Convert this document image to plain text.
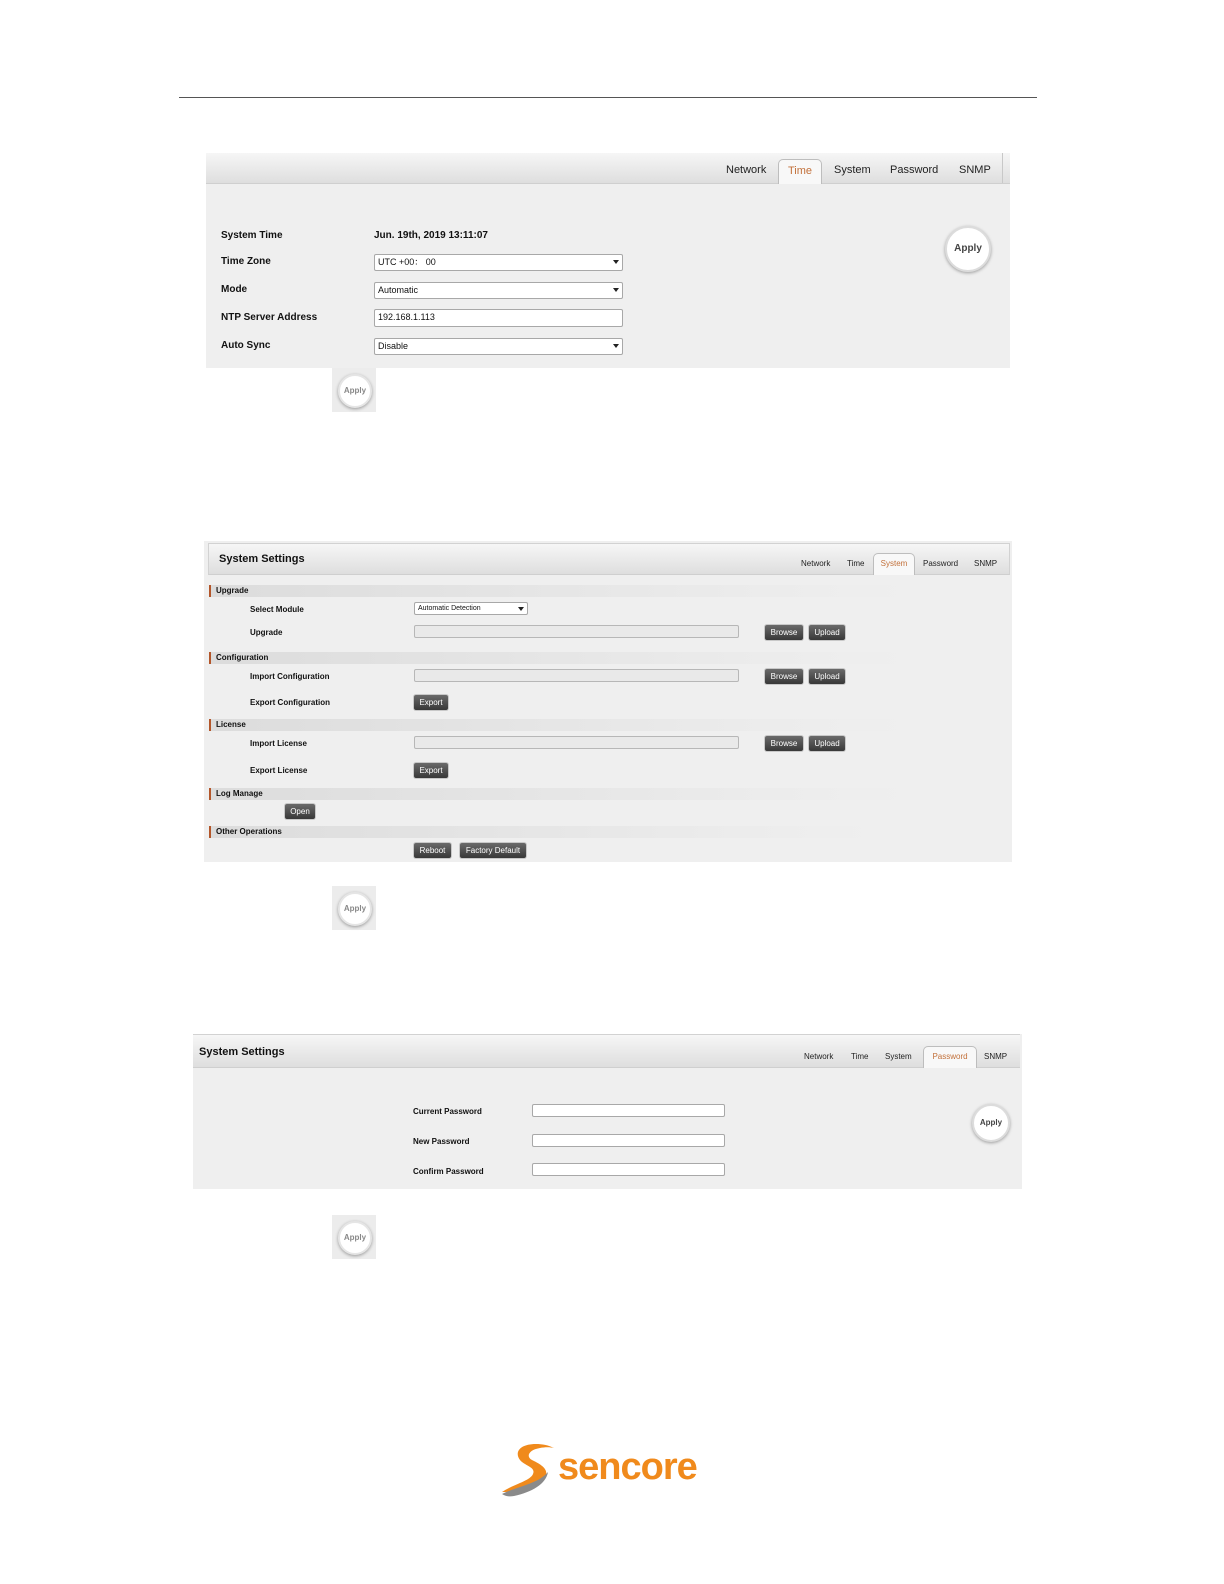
Network	Time	System Password SNMP
System Time	Jun. 19th, 2019 13:11:07
Time Zone	UTC +00： 00
Mode	Automatic
NTP Server Address	192.168.1.113
Auto Sync	Disable
Apply
Apply
System Settings	Network Time	System	Password SNMP
Upgrade
Select Module	Automatic Detection
Upgrade	Browse	Upload
Configuration
Import Configuration	Browse	Upload
Export Configuration	Export
License
Import License	Browse	Upload
Export License	Export
Log Manage
Open
Other Operations
Reboot	Factory Default
Apply
System Settings	Network Time System	Password	SNMP
Current Password
New Password
Confirm Password
Apply
Apply
sencore
